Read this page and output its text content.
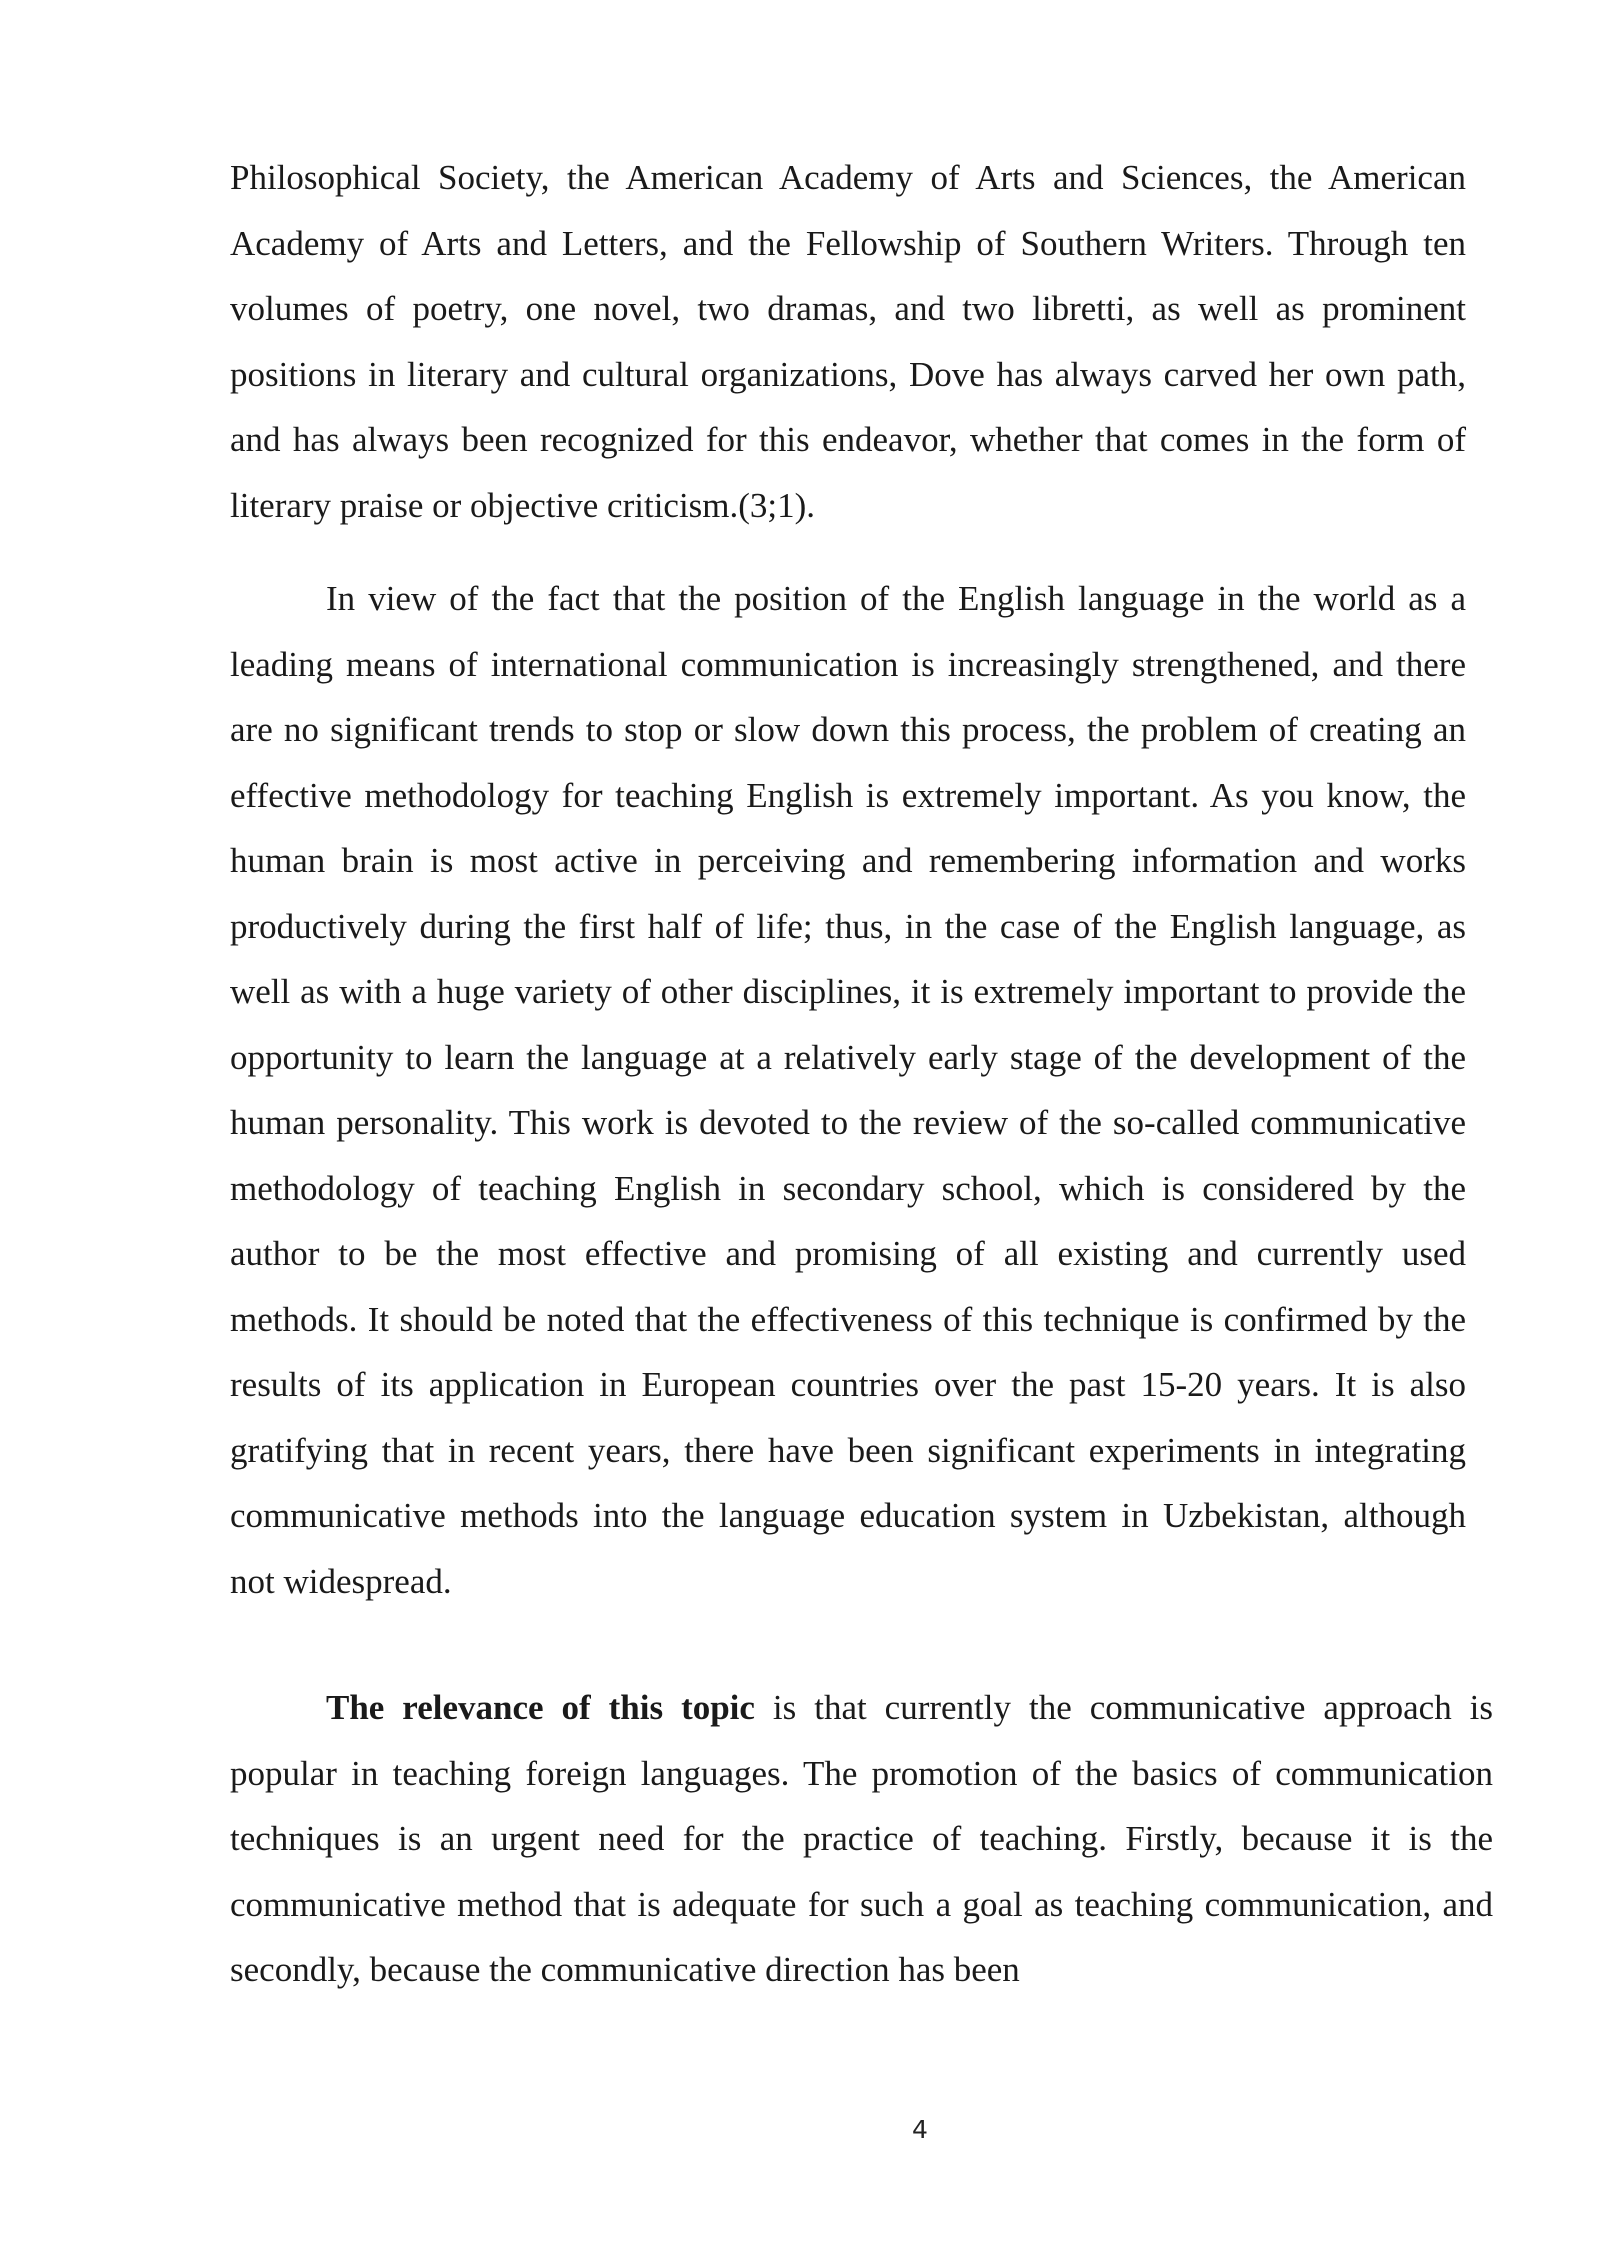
Philosophical Society, the American Academy of Arts and Sciences, the American Academy of Arts and Letters, and the Fellowship of Southern Writers. Through ten volumes of poetry, one novel, two dramas, and two libretti, as well as prominent positions in literary and cultural organizations, Dove has always carved her own path, and has always been recognized for this endeavor, whether that comes in the form of literary praise or objective criticism.(3;1).

In view of the fact that the position of the English language in the world as a leading means of international communication is increasingly strengthened, and there are no significant trends to stop or slow down this process, the problem of creating an effective methodology for teaching English is extremely important. As you know, the human brain is most active in perceiving and remembering information and works productively during the first half of life; thus, in the case of the English language, as well as with a huge variety of other disciplines, it is extremely important to provide the opportunity to learn the language at a relatively early stage of the development of the human personality. This work is devoted to the review of the so-called communicative methodology of teaching English in secondary school, which is considered by the author to be the most effective and promising of all existing and currently used methods. It should be noted that the effectiveness of this technique is confirmed by the results of its application in European countries over the past 15-20 years. It is also gratifying that in recent years, there have been significant experiments in integrating communicative methods into the language education system in Uzbekistan, although not widespread.

The relevance of this topic is that currently the communicative approach is popular in teaching foreign languages. The promotion of the basics of communication techniques is an urgent need for the practice of teaching. Firstly, because it is the communicative method that is adequate for such a goal as teaching communication, and secondly, because the communicative direction has been

4
